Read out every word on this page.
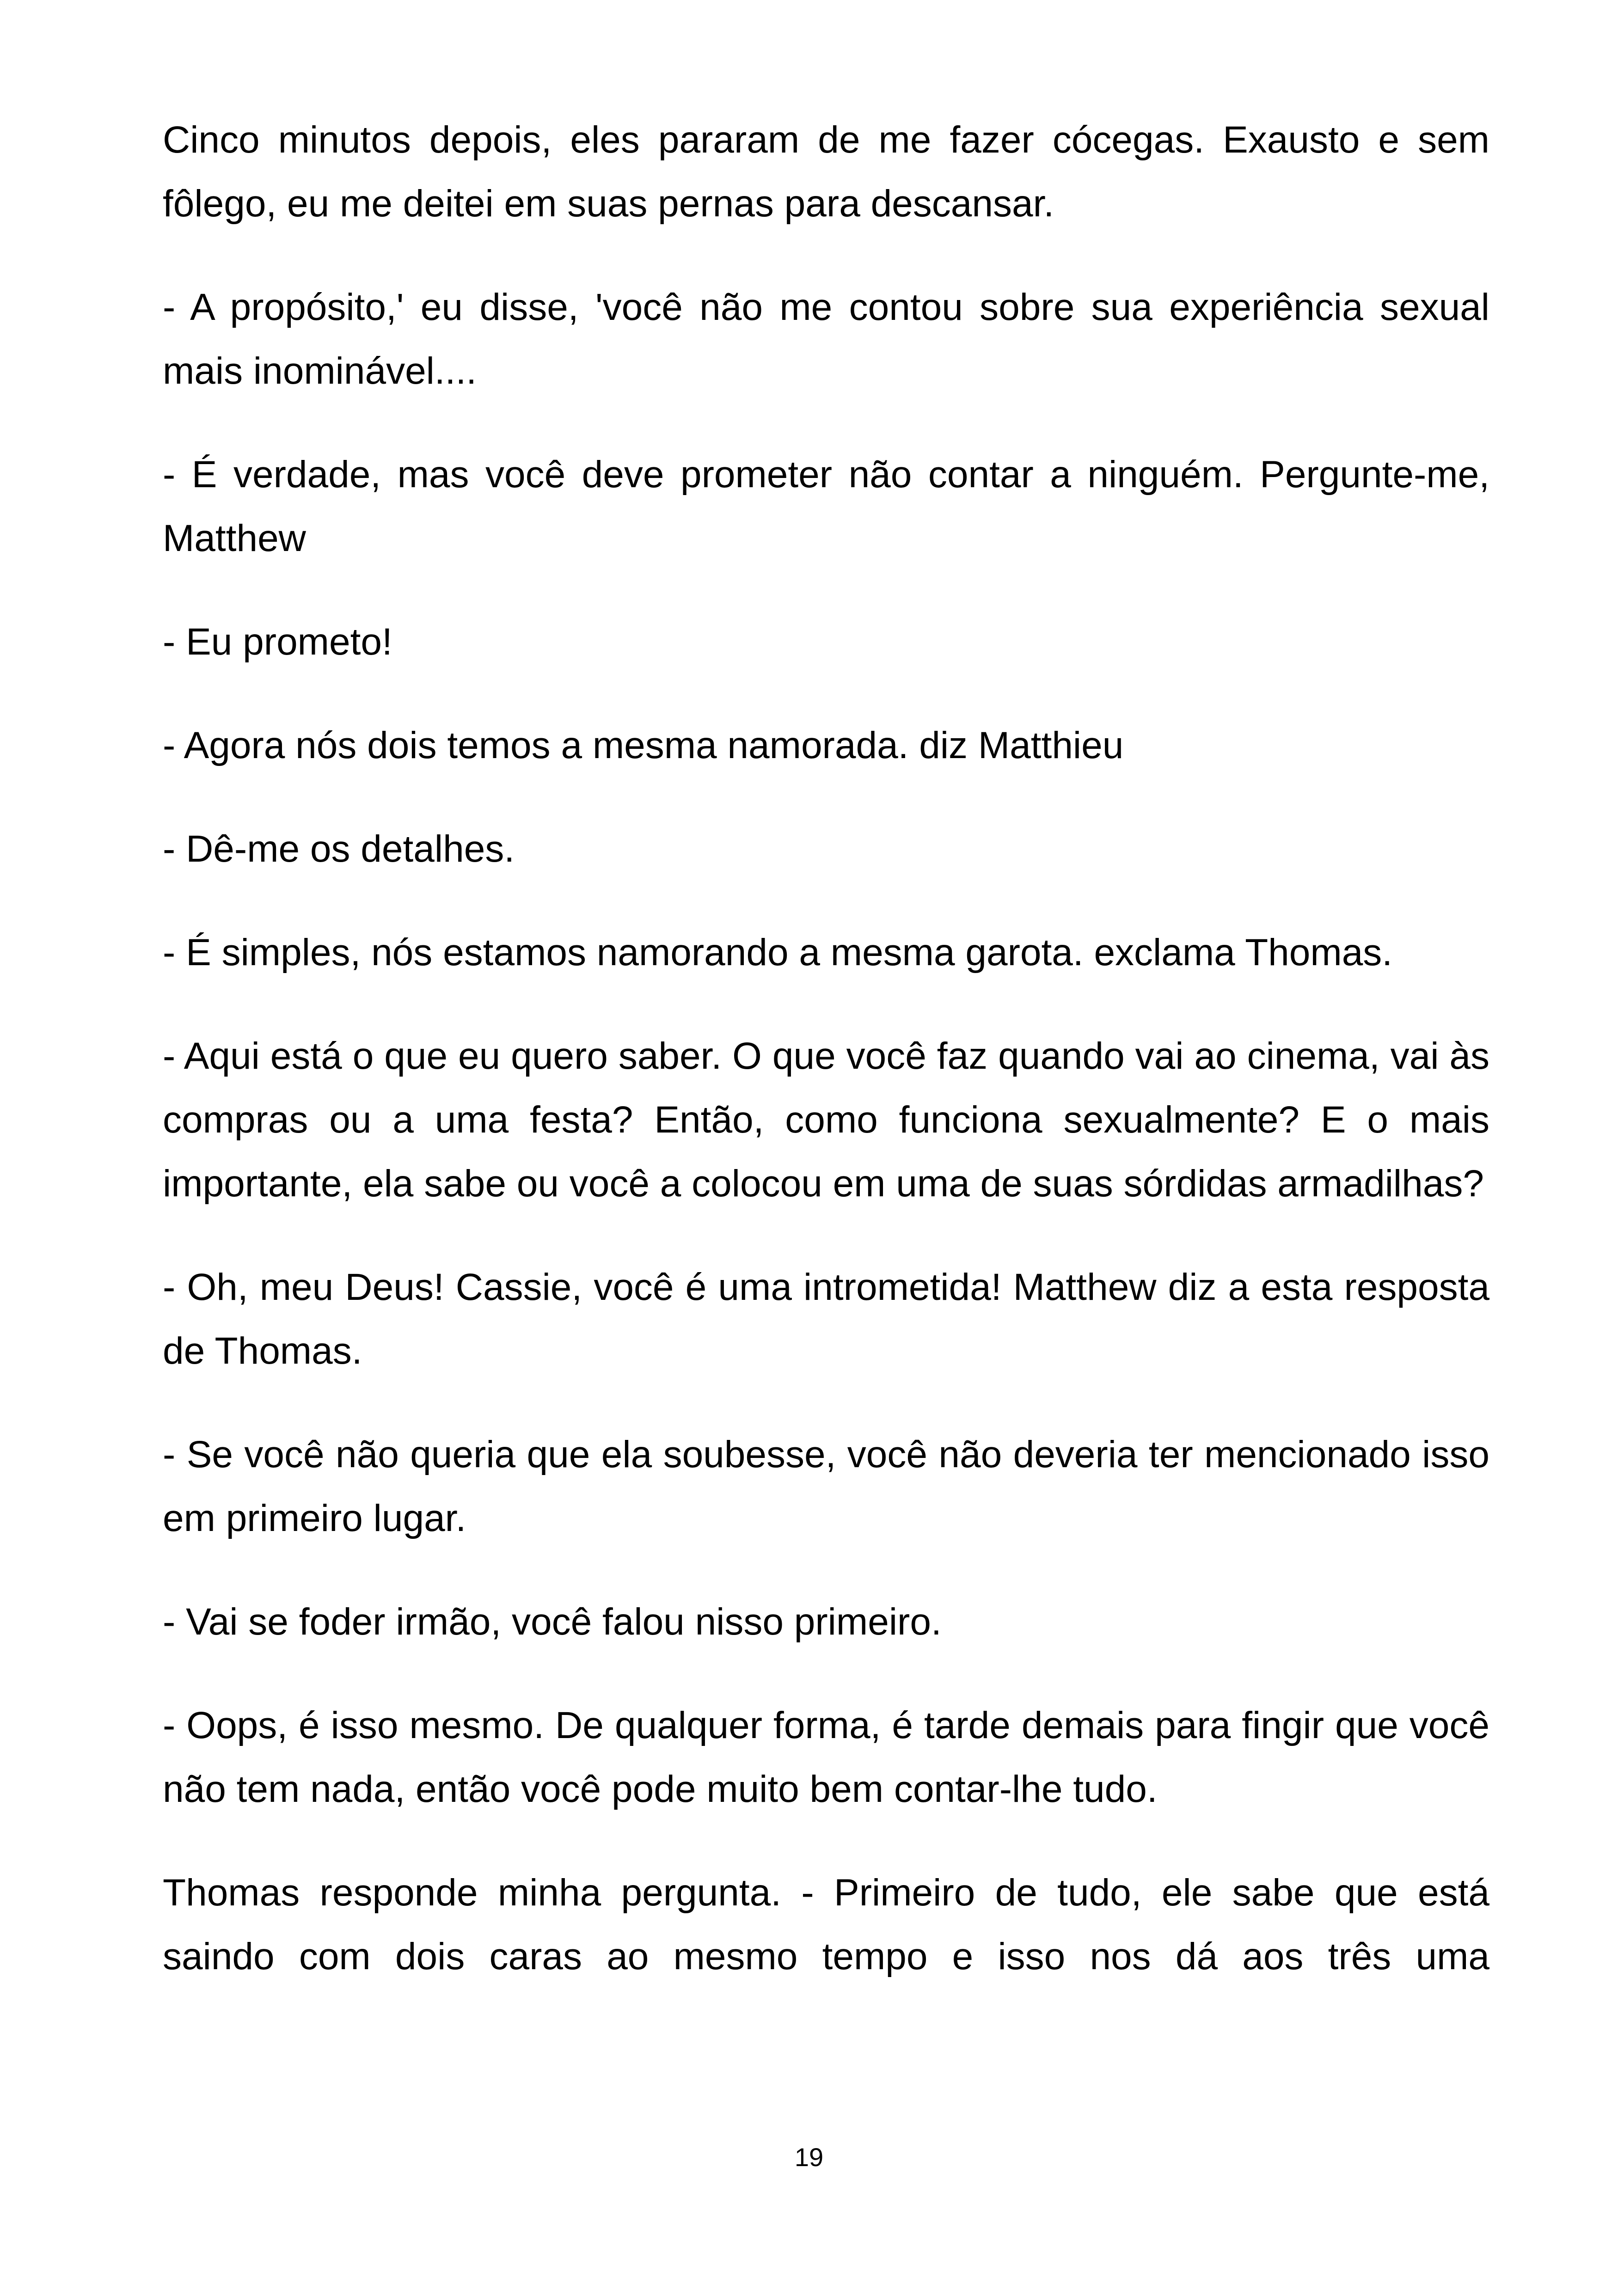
Cinco minutos depois, eles pararam de me fazer cócegas. Exausto e sem fôlego, eu me deitei em suas pernas para descansar.

- A propósito,' eu disse, 'você não me contou sobre sua experiência sexual mais inominável....

- É verdade, mas você deve prometer não contar a ninguém. Pergunte-me, Matthew

- Eu prometo!

- Agora nós dois temos a mesma namorada. diz Matthieu

- Dê-me os detalhes.

- É simples, nós estamos namorando a mesma garota. exclama Thomas.

- Aqui está o que eu quero saber. O que você faz quando vai ao cinema, vai às compras ou a uma festa? Então, como funciona sexualmente? E o mais importante, ela sabe ou você a colocou em uma de suas sórdidas armadilhas?

- Oh, meu Deus! Cassie, você é uma intrometida! Matthew diz a esta resposta de Thomas.

- Se você não queria que ela soubesse, você não deveria ter mencionado isso em primeiro lugar.

- Vai se foder irmão, você falou nisso primeiro.

- Oops, é isso mesmo. De qualquer forma, é tarde demais para fingir que você não tem nada, então você pode muito bem contar-lhe tudo.

Thomas responde minha pergunta. - Primeiro de tudo, ele sabe que está saindo com dois caras ao mesmo tempo e isso nos dá aos três uma

19
